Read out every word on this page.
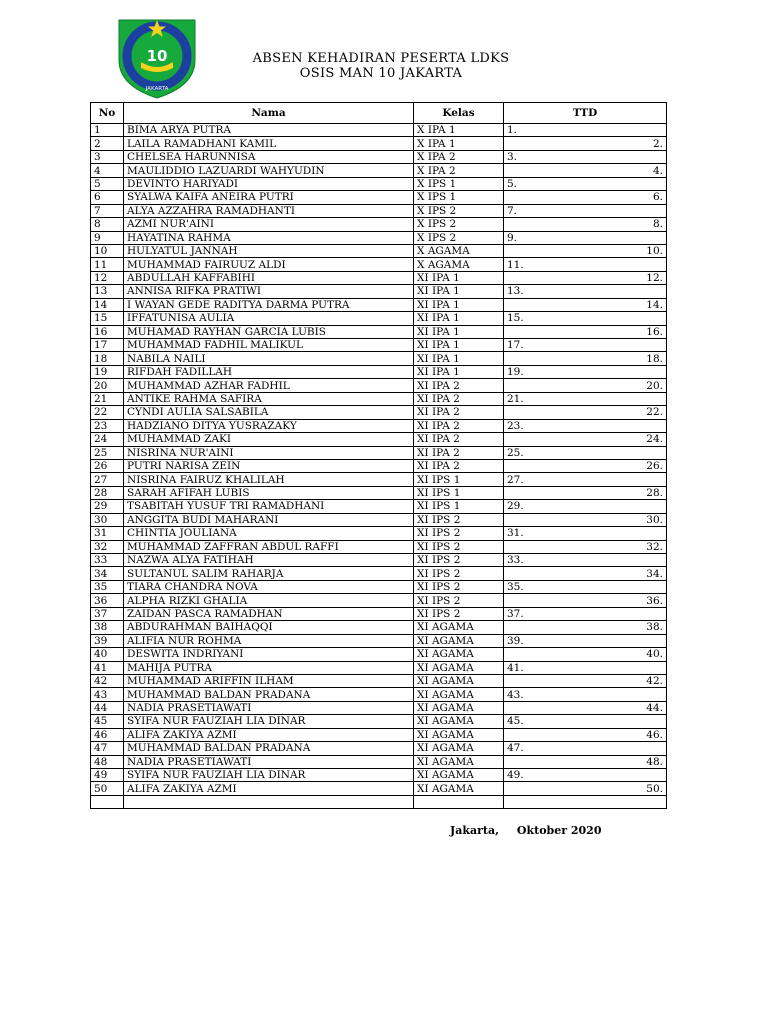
10
JAKARTA
ABSEN KEHADIRAN PESERTA LDKS
OSIS MAN 10 JAKARTA
No	Nama	Kelas	TTD
1	BIMA ARYA PUTRA	X IPA 1	1.
2	LAILA RAMADHANI KAMIL	X IPA 1	2.
3	CHELSEA HARUNNISA	X IPA 2	3.
4	MAULIDDIO LAZUARDI WAHYUDIN	X IPA 2	4.
5	DEVINTO HARIYADI	X IPS 1	5.
6	SYALWA KAIFA ANEIRA PUTRI	X IPS 1	6.
7	ALYA AZZAHRA RAMADHANTI	X IPS 2	7.
8	AZMI NUR'AINI	X IPS 2	8.
9	HAYATINA RAHMA	X IPS 2	9.
10	HULYATUL JANNAH	X AGAMA	10.
11	MUHAMMAD FAIRUUZ ALDI	X AGAMA	11.
12	ABDULLAH KAFFABIHI	XI IPA 1	12.
13	ANNISA RIFKA PRATIWI	XI IPA 1	13.
14	I WAYAN GEDE RADITYA DARMA PUTRA	XI IPA 1	14.
15	IFFATUNISA AULIA	XI IPA 1	15.
16	MUHAMAD RAYHAN GARCIA LUBIS	XI IPA 1	16.
17	MUHAMMAD FADHIL MALIKUL	XI IPA 1	17.
18	NABILA NAILI	XI IPA 1	18.
19	RIFDAH FADILLAH	XI IPA 1	19.
20	MUHAMMAD AZHAR FADHIL	XI IPA 2	20.
21	ANTIKE RAHMA SAFIRA	XI IPA 2	21.
22	CYNDI AULIA SALSABILA	XI IPA 2	22.
23	HADZIANO DITYA YUSRAZAKY	XI IPA 2	23.
24	MUHAMMAD ZAKI	XI IPA 2	24.
25	NISRINA NUR'AINI	XI IPA 2	25.
26	PUTRI NARISA ZEIN	XI IPA 2	26.
27	NISRINA FAIRUZ KHALILAH	XI IPS 1	27.
28	SARAH AFIFAH LUBIS	XI IPS 1	28.
29	TSABITAH YUSUF TRI RAMADHANI	XI IPS 1	29.
30	ANGGITA BUDI MAHARANI	XI IPS 2	30.
31	CHINTIA JOULIANA	XI IPS 2	31.
32	MUHAMMAD ZAFFRAN ABDUL RAFFI	XI IPS 2	32.
33	NAZWA ALYA FATIHAH	XI IPS 2	33.
34	SULTANUL SALIM RAHARJA	XI IPS 2	34.
35	TIARA CHANDRA NOVA	XI IPS 2	35.
36	ALPHA RIZKI GHALIA	XI IPS 2	36.
37	ZAIDAN PASCA RAMADHAN	XI IPS 2	37.
38	ABDURAHMAN BAIHAQQI	XI AGAMA	38.
39	ALIFIA NUR ROHMA	XI AGAMA	39.
40	DESWITA INDRIYANI	XI AGAMA	40.
41	MAHIJA PUTRA	XI AGAMA	41.
42	MUHAMMAD ARIFFIN ILHAM	XI AGAMA	42.
43	MUHAMMAD BALDAN PRADANA	XI AGAMA	43.
44	NADIA PRASETIAWATI	XI AGAMA	44.
45	SYIFA NUR FAUZIAH LIA DINAR	XI AGAMA	45.
46	ALIFA ZAKIYA AZMI	XI AGAMA	46.
47	MUHAMMAD BALDAN PRADANA	XI AGAMA	47.
48	NADIA PRASETIAWATI	XI AGAMA	48.
49	SYIFA NUR FAUZIAH LIA DINAR	XI AGAMA	49.
50	ALIFA ZAKIYA AZMI	XI AGAMA	50.

Jakarta, Oktober 2020
